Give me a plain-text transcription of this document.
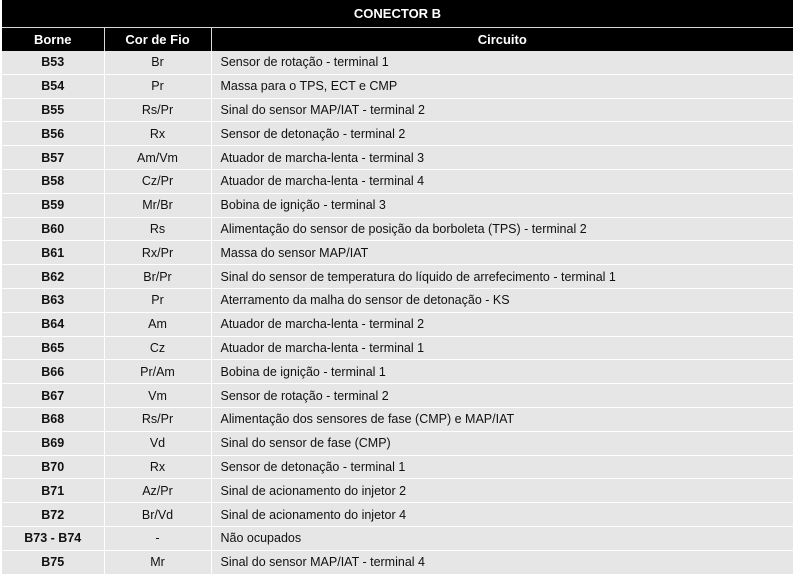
CONECTOR B
Borne	Cor de Fio	Circuito
B53	Br	Sensor de rotação - terminal 1
B54	Pr	Massa para o TPS, ECT e CMP
B55	Rs/Pr	Sinal do sensor MAP/IAT - terminal 2
B56	Rx	Sensor de detonação - terminal 2
B57	Am/Vm	Atuador de marcha-lenta - terminal 3
B58	Cz/Pr	Atuador de marcha-lenta - terminal 4
B59	Mr/Br	Bobina de ignição - terminal 3
B60	Rs	Alimentação do sensor de posição da borboleta (TPS) - terminal 2
B61	Rx/Pr	Massa do sensor MAP/IAT
B62	Br/Pr	Sinal do sensor de temperatura do líquido de arrefecimento - terminal 1
B63	Pr	Aterramento da malha do sensor de detonação - KS
B64	Am	Atuador de marcha-lenta - terminal 2
B65	Cz	Atuador de marcha-lenta - terminal 1
B66	Pr/Am	Bobina de ignição - terminal 1
B67	Vm	Sensor de rotação - terminal 2
B68	Rs/Pr	Alimentação dos sensores de fase (CMP) e MAP/IAT
B69	Vd	Sinal do sensor de fase (CMP)
B70	Rx	Sensor de detonação - terminal 1
B71	Az/Pr	Sinal de acionamento do injetor 2
B72	Br/Vd	Sinal de acionamento do injetor 4
B73 - B74	-	Não ocupados
B75	Mr	Sinal do sensor MAP/IAT - terminal 4
